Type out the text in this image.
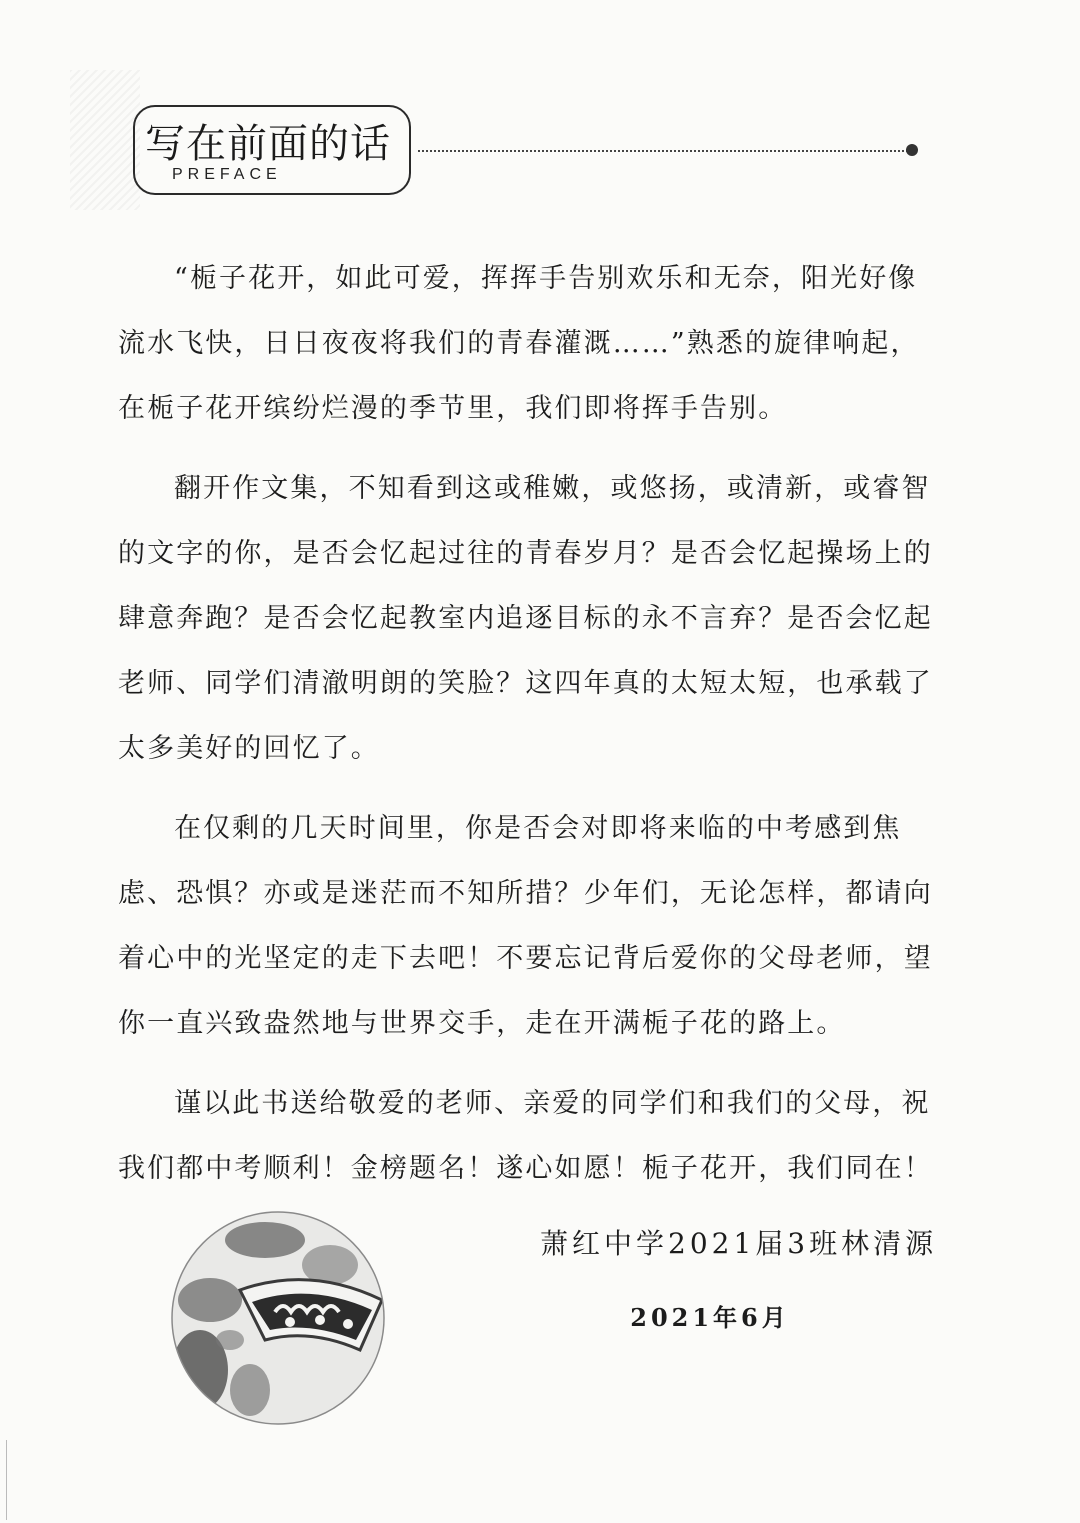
写在前面的话
PREFACE
“栀子花开，如此可爱，挥挥手告别欢乐和无奈，阳光好像
流水飞快，日日夜夜将我们的青春灌溉……”熟悉的旋律响起，
在栀子花开缤纷烂漫的季节里，我们即将挥手告别。
翻开作文集，不知看到这或稚嫩，或悠扬，或清新，或睿智
的文字的你，是否会忆起过往的青春岁月？是否会忆起操场上的
肆意奔跑？是否会忆起教室内追逐目标的永不言弃？是否会忆起
老师、同学们清澈明朗的笑脸？这四年真的太短太短，也承载了
太多美好的回忆了。
在仅剩的几天时间里，你是否会对即将来临的中考感到焦
虑、恐惧？亦或是迷茫而不知所措？少年们，无论怎样，都请向
着心中的光坚定的走下去吧！不要忘记背后爱你的父母老师，望
你一直兴致盎然地与世界交手，走在开满栀子花的路上。
谨以此书送给敬爱的老师、亲爱的同学们和我们的父母，祝
我们都中考顺利！金榜题名！遂心如愿！栀子花开，我们同在！
萧红中学2021届3班林清源
2021年6月
